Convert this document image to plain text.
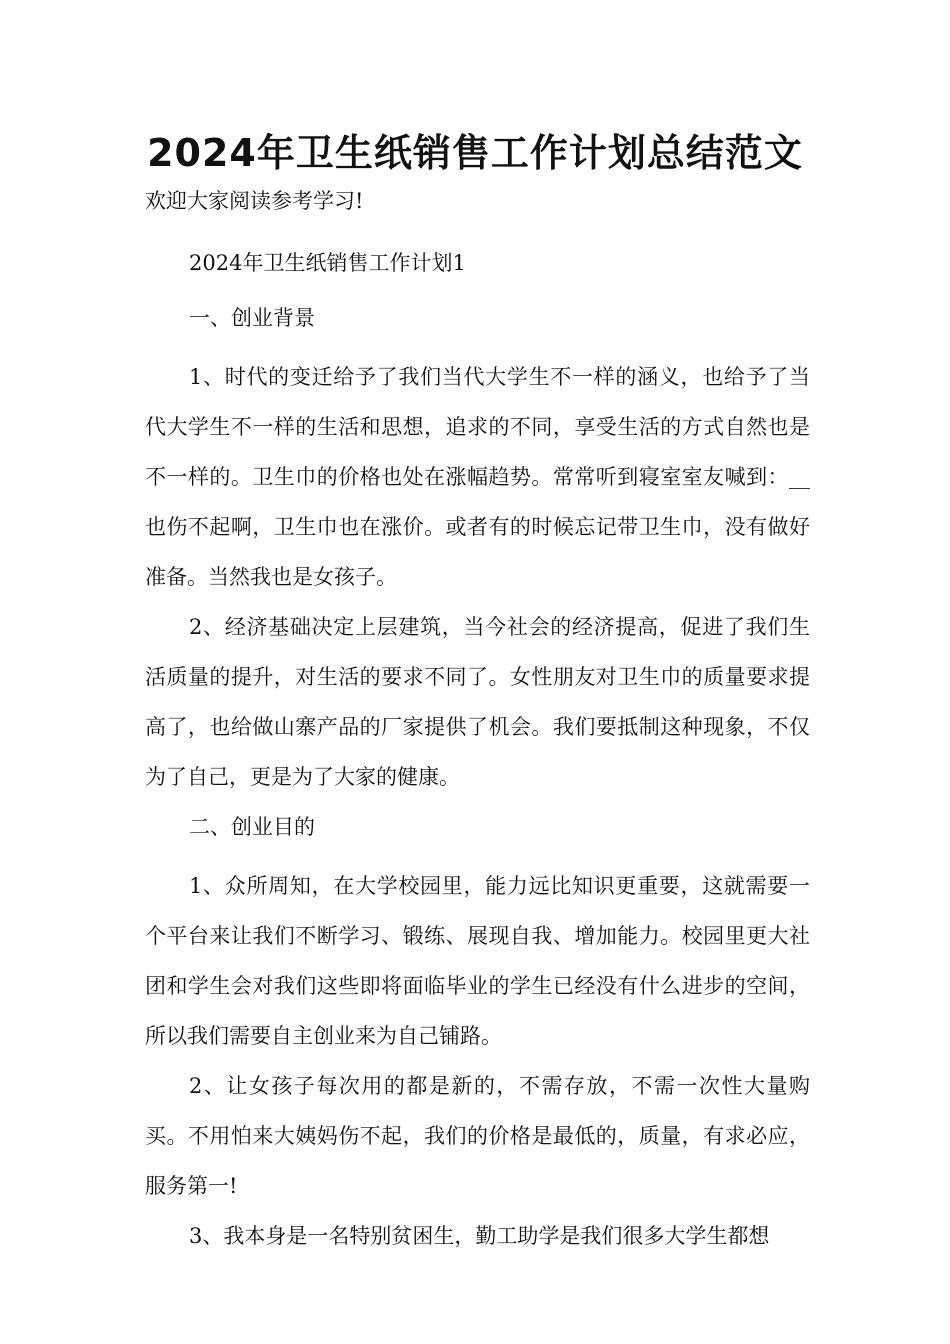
2024年卫生纸销售工作计划总结范文

欢迎大家阅读参考学习!

2024年卫生纸销售工作计划1

一、创业背景

1、时代的变迁给予了我们当代大学生不一样的涵义，也给予了当代大学生不一样的生活和思想，追求的不同，享受生活的方式自然也是不一样的。卫生巾的价格也处在涨幅趋势。常常听到寝室室友喊到：__也伤不起啊，卫生巾也在涨价。或者有的时候忘记带卫生巾，没有做好准备。当然我也是女孩子。

2、经济基础决定上层建筑，当今社会的经济提高，促进了我们生活质量的提升，对生活的要求不同了。女性朋友对卫生巾的质量要求提高了，也给做山寨产品的厂家提供了机会。我们要抵制这种现象，不仅为了自己，更是为了大家的健康。

二、创业目的

1、众所周知，在大学校园里，能力远比知识更重要，这就需要一个平台来让我们不断学习、锻练、展现自我、增加能力。校园里更大社团和学生会对我们这些即将面临毕业的学生已经没有什么进步的空间，所以我们需要自主创业来为自己铺路。

2、让女孩子每次用的都是新的，不需存放，不需一次性大量购买。不用怕来大姨妈伤不起，我们的价格是最低的，质量，有求必应，服务第一!

3、我本身是一名特别贫困生，勤工助学是我们很多大学生都想
